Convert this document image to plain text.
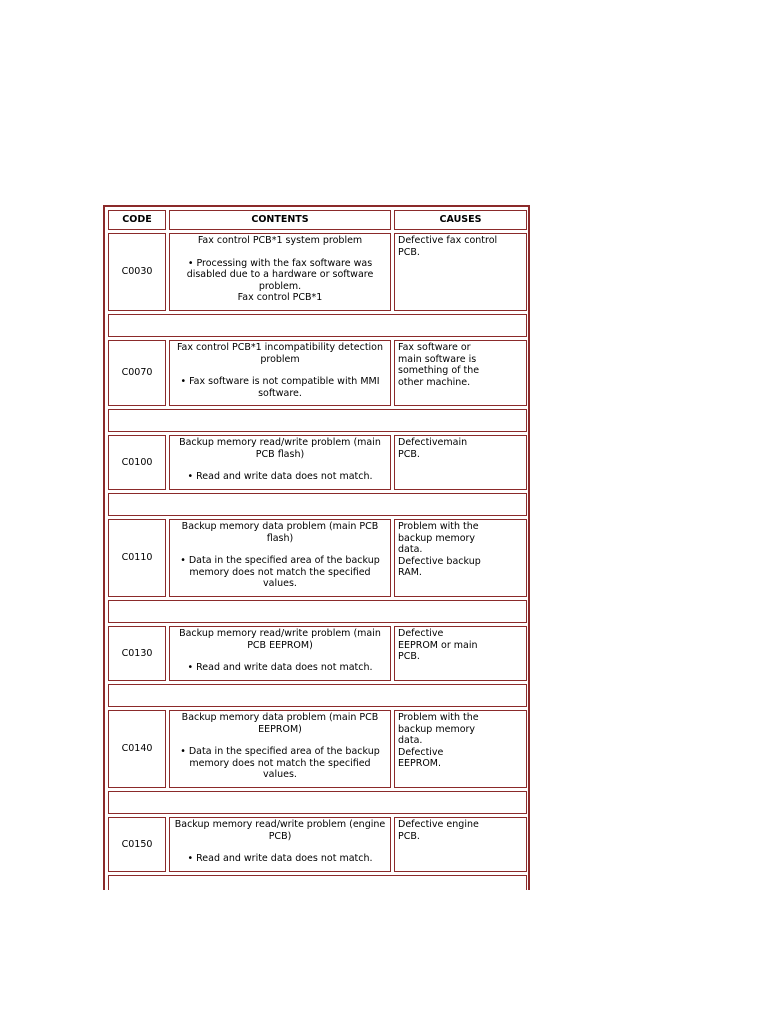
CODE	CONTENTS	CAUSES
C0030	Fax control PCB*1 system problem
• Processing with the fax software was disabled due to a hardware or software problem.
Fax control PCB*1	Defective fax control
PCB.

C0070	Fax control PCB*1 incompatibility detection problem
• Fax software is not compatible with MMI software.	Fax software or
main software is
something of the
other machine.

C0100	Backup memory read/write problem (main PCB flash)
• Read and write data does not match.	Defectivemain
PCB.

C0110	Backup memory data problem (main PCB flash)
• Data in the specified area of the backup memory does not match the specified values.	Problem with the
backup memory
data.
Defective backup
RAM.

C0130	Backup memory read/write problem (main PCB EEPROM)
• Read and write data does not match.	Defective
EEPROM or main
PCB.

C0140	Backup memory data problem (main PCB EEPROM)
• Data in the specified area of the backup memory does not match the specified values.	Problem with the
backup memory
data.
Defective
EEPROM.

C0150	Backup memory read/write problem (engine PCB)
• Read and write data does not match.	Defective engine
PCB.
